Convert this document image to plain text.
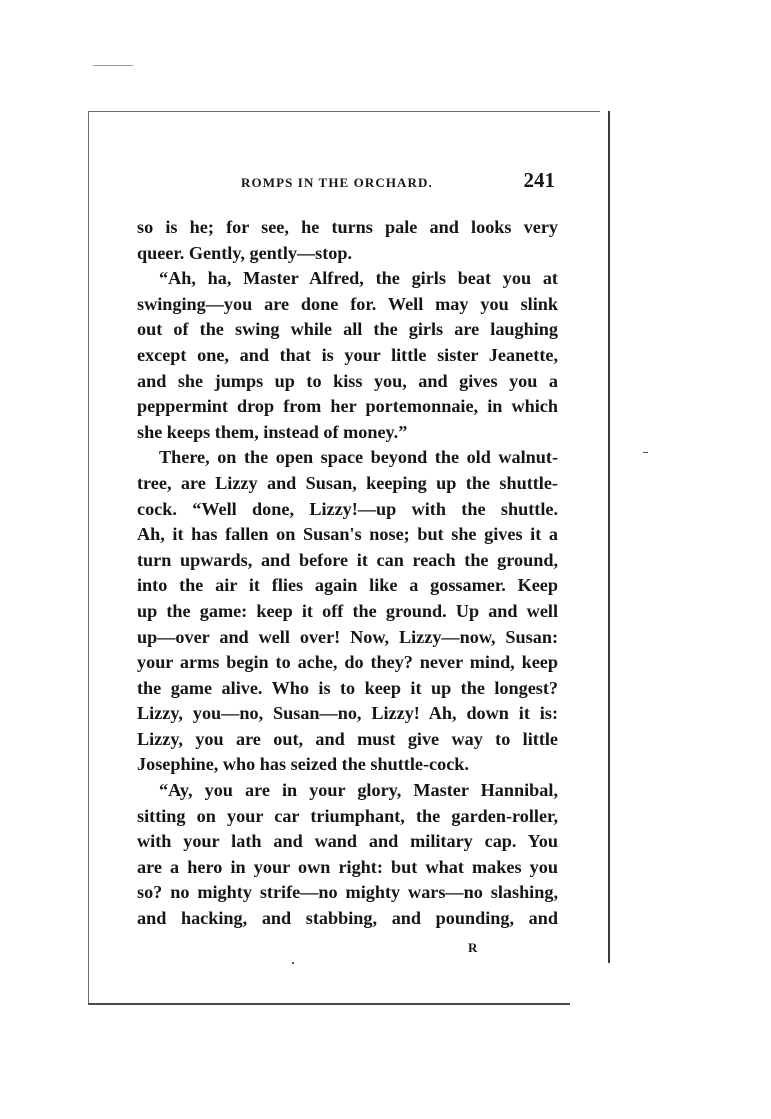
ROMPS IN THE ORCHARD.	241
so is he; for see, he turns pale and looks very
queer. Gently, gently—stop.
“Ah, ha, Master Alfred, the girls beat you at
swinging—you are done for. Well may you slink
out of the swing while all the girls are laughing
except one, and that is your little sister Jeanette,
and she jumps up to kiss you, and gives you a
peppermint drop from her portemonnaie, in which
she keeps them, instead of money.”
There, on the open space beyond the old walnut-
tree, are Lizzy and Susan, keeping up the shuttle-
cock. “Well done, Lizzy!—up with the shuttle.
Ah, it has fallen on Susan's nose; but she gives it a
turn upwards, and before it can reach the ground,
into the air it flies again like a gossamer. Keep
up the game: keep it off the ground. Up and well
up—over and well over! Now, Lizzy—now, Susan:
your arms begin to ache, do they? never mind, keep
the game alive. Who is to keep it up the longest?
Lizzy, you—no, Susan—no, Lizzy! Ah, down it is:
Lizzy, you are out, and must give way to little
Josephine, who has seized the shuttle-cock.
“Ay, you are in your glory, Master Hannibal,
sitting on your car triumphant, the garden-roller,
with your lath and wand and military cap. You
are a hero in your own right: but what makes you
so? no mighty strife—no mighty wars—no slashing,
and hacking, and stabbing, and pounding, and
R
